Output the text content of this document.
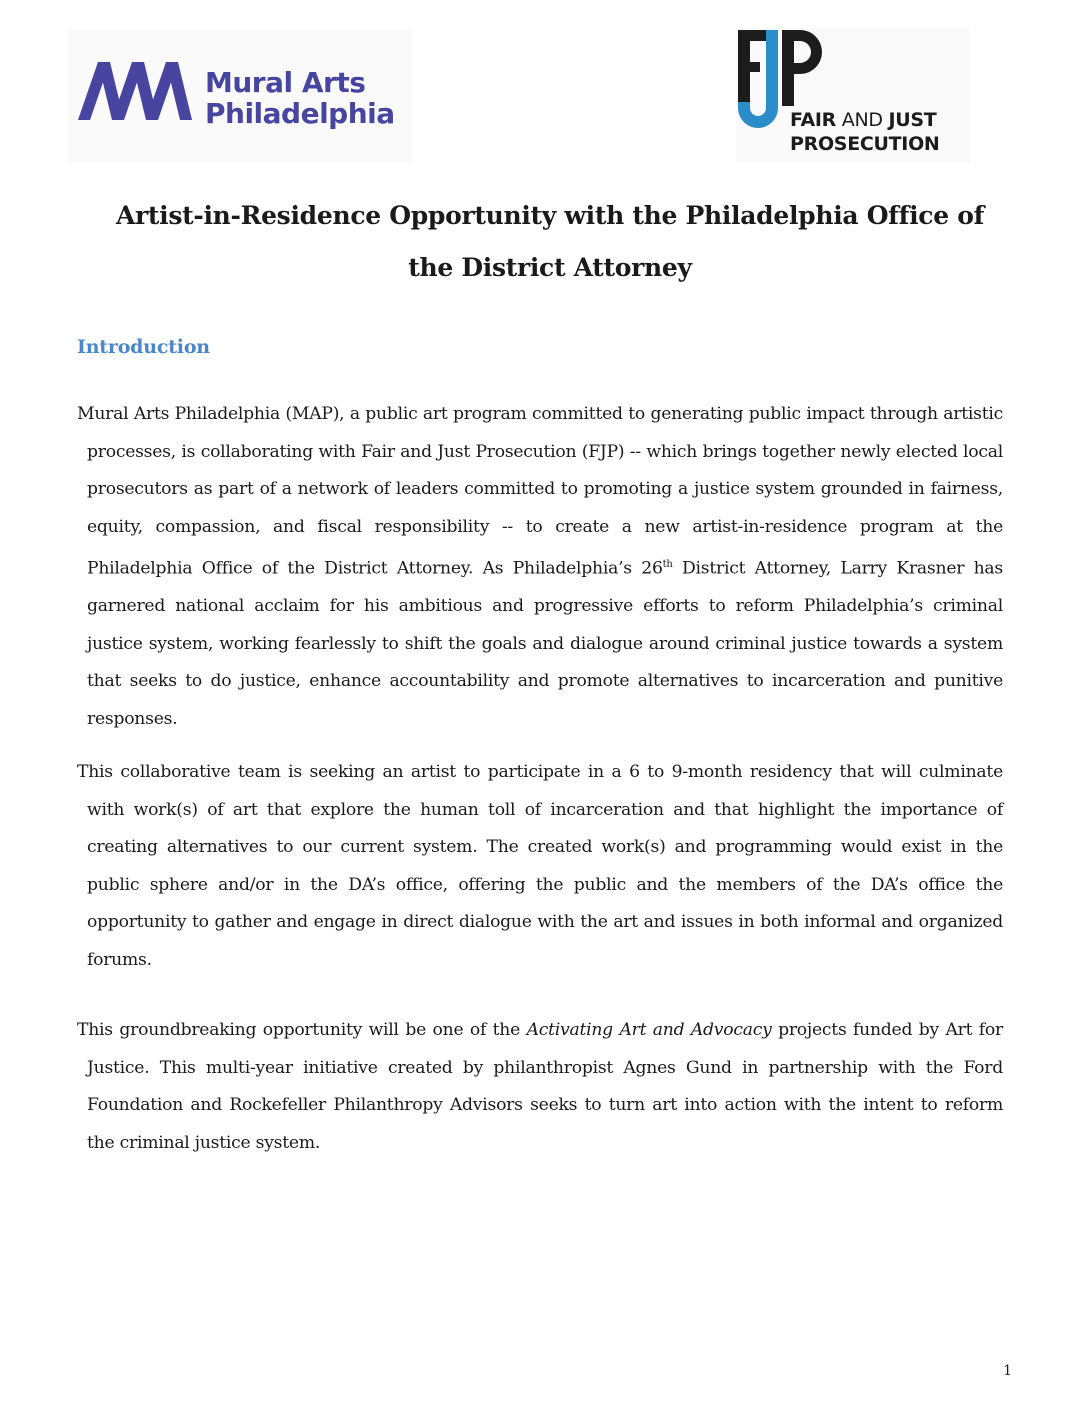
Mural Arts
Philadelphia	FAIR AND JUST
PROSECUTION
Artist-in-Residence Opportunity with the Philadelphia Office of
the District Attorney
Introduction
Mural Arts Philadelphia (MAP), a public art program committed to generating public impact through artistic processes, is collaborating with Fair and Just Prosecution (FJP) -- which brings together newly elected local prosecutors as part of a network of leaders committed to promoting a justice system grounded in fairness, equity, compassion, and fiscal responsibility -- to create a new artist-in-residence program at the Philadelphia Office of the District Attorney. As Philadelphia’s 26th District Attorney, Larry Krasner has garnered national acclaim for his ambitious and progressive efforts to reform Philadelphia’s criminal justice system, working fearlessly to shift the goals and dialogue around criminal justice towards a system that seeks to do justice, enhance accountability and promote alternatives to incarceration and punitive responses.
This collaborative team is seeking an artist to participate in a 6 to 9-month residency that will culminate with work(s) of art that explore the human toll of incarceration and that highlight the importance of creating alternatives to our current system. The created work(s) and programming would exist in the public sphere and/or in the DA’s office, offering the public and the members of the DA’s office the opportunity to gather and engage in direct dialogue with the art and issues in both informal and organized forums.
This groundbreaking opportunity will be one of the Activating Art and Advocacy projects funded by Art for Justice. This multi-year initiative created by philanthropist Agnes Gund in partnership with the Ford Foundation and Rockefeller Philanthropy Advisors seeks to turn art into action with the intent to reform the criminal justice system.
1
